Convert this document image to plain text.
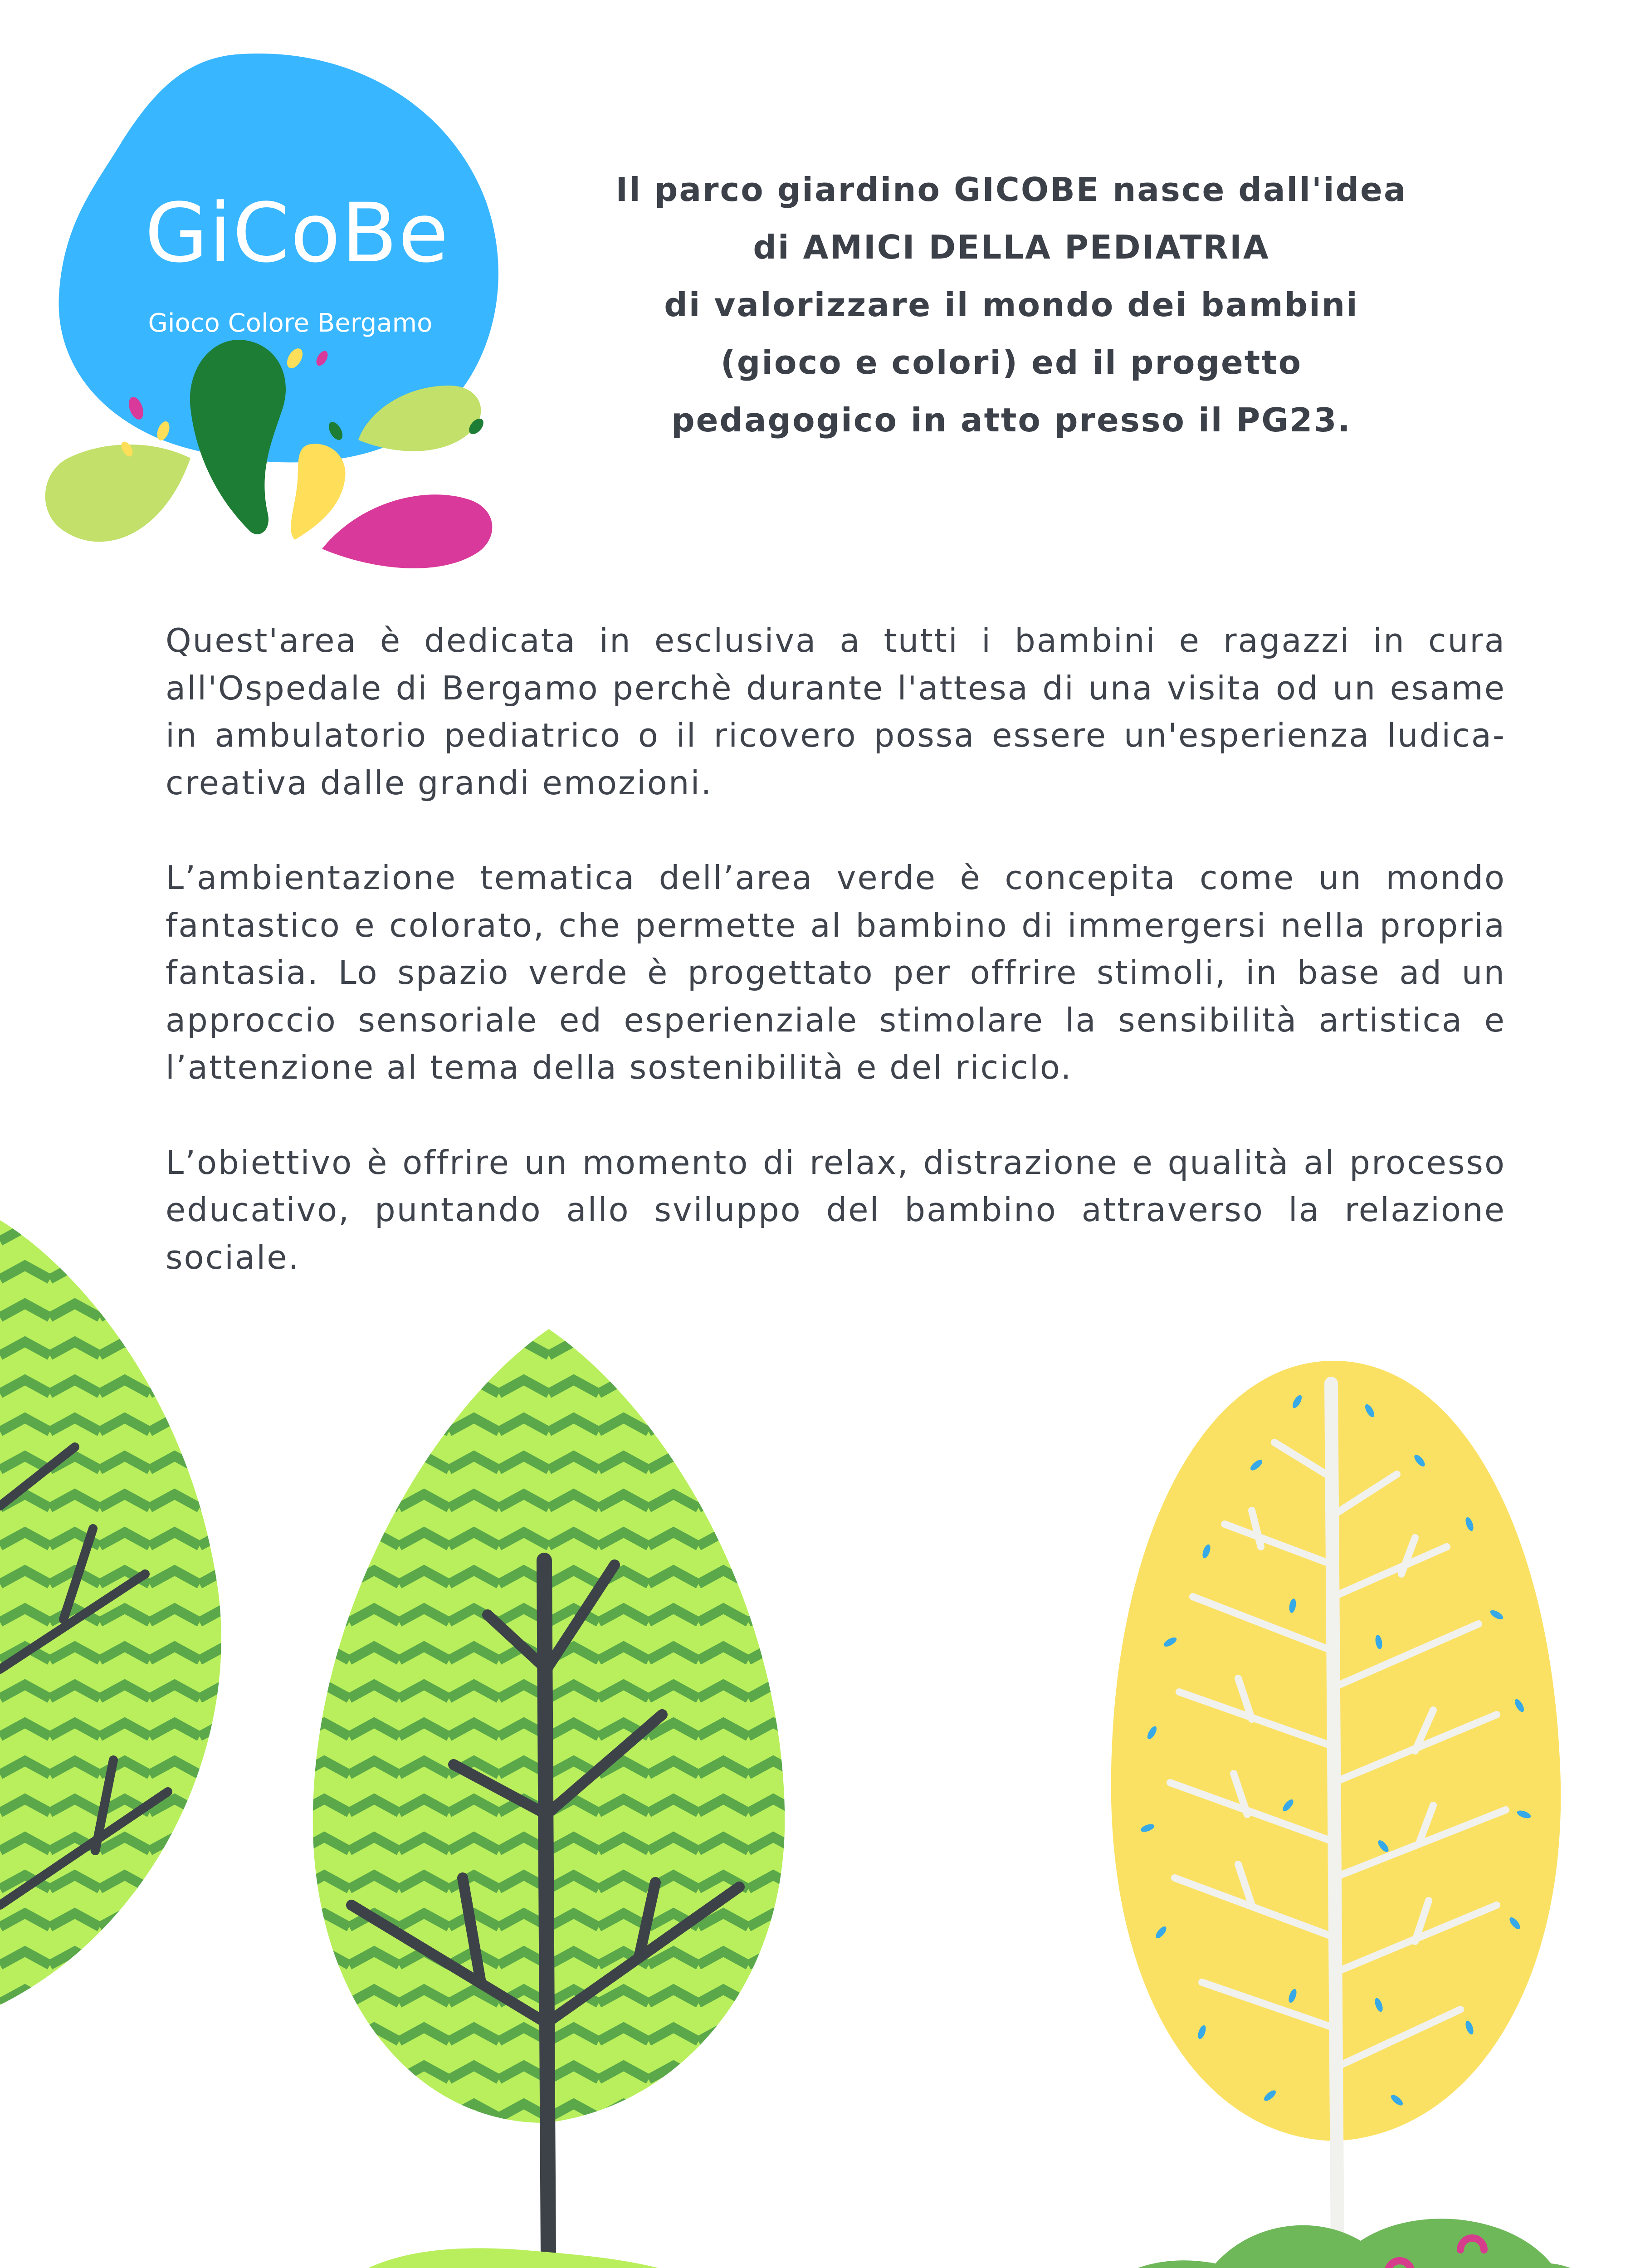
GiCoBe
Gioco Colore Bergamo
Il parco giardino GICOBE nasce dall'idea
di AMICI DELLA PEDIATRIA
di valorizzare il mondo dei bambini
(gioco e colori) ed il progetto
pedagogico in atto presso il PG23.

Quest'area è dedicata in esclusiva a tutti i bambini e ragazzi in cura all'Ospedale di Bergamo perchè durante l'attesa di una visita od un esame in ambulatorio pediatrico o il ricovero possa essere un'esperienza ludica-creativa dalle grandi emozioni.

L’ambientazione tematica dell’area verde è concepita come un mondo fantastico e colorato, che permette al bambino di immergersi nella propria fantasia. Lo spazio verde è progettato per offrire stimoli, in base ad un approccio sensoriale ed esperienziale stimolare la sensibilità artistica e l’attenzione al tema della sostenibilità e del riciclo.

L’obiettivo è offrire un momento di relax, distrazione e qualità al processo educativo, puntando allo sviluppo del bambino attraverso la relazione sociale.
